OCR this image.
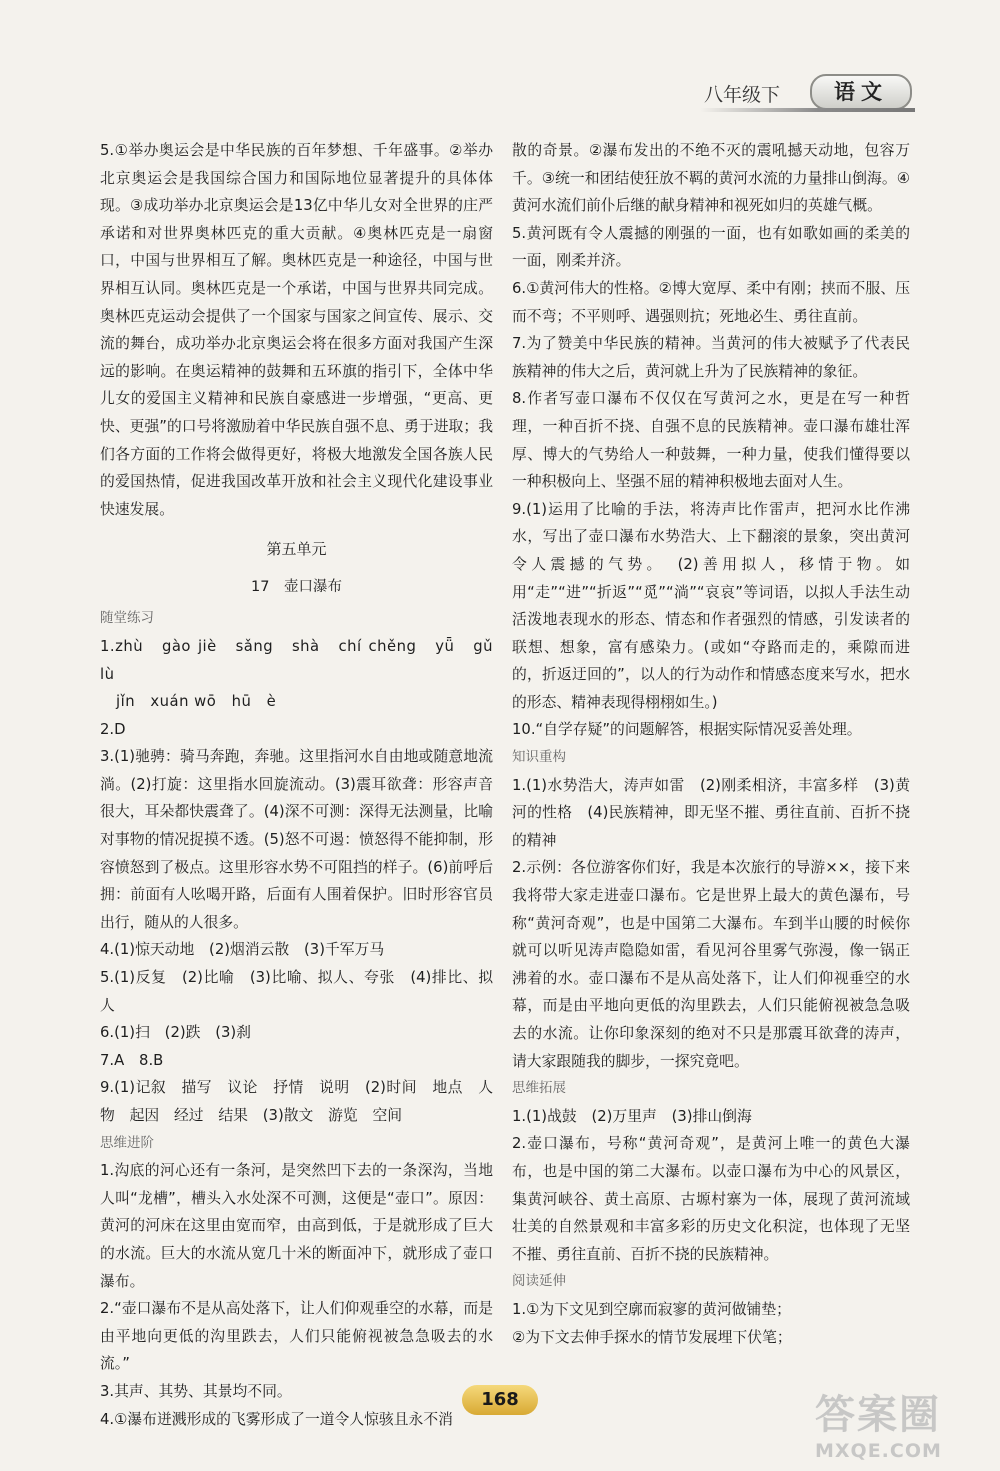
八年级下	语文

5.①举办奥运会是中华民族的百年梦想、千年盛事。②举办北京奥运会是我国综合国力和国际地位显著提升的具体体现。③成功举办北京奥运会是13亿中华儿女对全世界的庄严承诺和对世界奥林匹克的重大贡献。④奥林匹克是一扇窗口，中国与世界相互了解。奥林匹克是一种途径，中国与世界相互认同。奥林匹克是一个承诺，中国与世界共同完成。奥林匹克运动会提供了一个国家与国家之间宣传、展示、交流的舞台，成功举办北京奥运会将在很多方面对我国产生深远的影响。在奥运精神的鼓舞和五环旗的指引下，全体中华儿女的爱国主义精神和民族自豪感进一步增强，“更高、更快、更强”的口号将激励着中华民族自强不息、勇于进取；我们各方面的工作将会做得更好，将极大地激发全国各族人民的爱国热情，促进我国改革开放和社会主义现代化建设事业快速发展。

第五单元

17　壶口瀑布

随堂练习

1.zhù　gào jiè　sǎng　shà　chí chěng　yǖ　gǔ　lù

jǐn　xuán wō　hū　è

2.D

3.(1)驰骋：骑马奔跑，奔驰。这里指河水自由地或随意地流淌。(2)打旋：这里指水回旋流动。(3)震耳欲聋：形容声音很大，耳朵都快震聋了。(4)深不可测：深得无法测量，比喻对事物的情况捉摸不透。(5)怒不可遏：愤怒得不能抑制，形容愤怒到了极点。这里形容水势不可阻挡的样子。(6)前呼后拥：前面有人吆喝开路，后面有人围着保护。旧时形容官员出行，随从的人很多。

4.(1)惊天动地　(2)烟消云散　(3)千军万马

5.(1)反复　(2)比喻　(3)比喻、拟人、夸张　(4)排比、拟人

6.(1)扫　(2)跌　(3)刹

7.A　8.B

9.(1)记叙　描写　议论　抒情　说明　(2)时间　地点　人物　起因　经过　结果　(3)散文　游览　空间

思维进阶

1.沟底的河心还有一条河，是突然凹下去的一条深沟，当地人叫“龙槽”，槽头入水处深不可测，这便是“壶口”。原因：黄河的河床在这里由宽而窄，由高到低，于是就形成了巨大的水流。巨大的水流从宽几十米的断面冲下，就形成了壶口瀑布。

2.“壶口瀑布不是从高处落下，让人们仰观垂空的水幕，而是由平地向更低的沟里跌去，人们只能俯视被急急吸去的水流。”

3.其声、其势、其景均不同。

4.①瀑布迸溅形成的飞雾形成了一道令人惊骇且永不消

散的奇景。②瀑布发出的不绝不灭的震吼撼天动地，包容万千。③统一和团结使狂放不羁的黄河水流的力量排山倒海。④黄河水流们前仆后继的献身精神和视死如归的英雄气概。

5.黄河既有令人震撼的刚强的一面，也有如歌如画的柔美的一面，刚柔并济。

6.①黄河伟大的性格。②博大宽厚、柔中有刚；挟而不服、压而不弯；不平则呼、遇强则抗；死地必生、勇往直前。

7.为了赞美中华民族的精神。当黄河的伟大被赋予了代表民族精神的伟大之后，黄河就上升为了民族精神的象征。

8.作者写壶口瀑布不仅仅在写黄河之水，更是在写一种哲理，一种百折不挠、自强不息的民族精神。壶口瀑布雄壮浑厚、博大的气势给人一种鼓舞，一种力量，使我们懂得要以一种积极向上、坚强不屈的精神积极地去面对人生。

9.(1)运用了比喻的手法，将涛声比作雷声，把河水比作沸水，写出了壶口瀑布水势浩大、上下翻滚的景象，突出黄河令人震撼的气势。　(2)善用拟人，移情于物。如用“走”“进”“折返”“觅”“淌”“哀哀”等词语，以拟人手法生动活泼地表现水的形态、情态和作者强烈的情感，引发读者的联想、想象，富有感染力。(或如“夺路而走的，乘隙而进的，折返迂回的”，以人的行为动作和情感态度来写水，把水的形态、精神表现得栩栩如生。)

10.“自学存疑”的问题解答，根据实际情况妥善处理。

知识重构

1.(1)水势浩大，涛声如雷　(2)刚柔相济，丰富多样　(3)黄河的性格　(4)民族精神，即无坚不摧、勇往直前、百折不挠的精神

2.示例：各位游客你们好，我是本次旅行的导游××，接下来我将带大家走进壶口瀑布。它是世界上最大的黄色瀑布，号称“黄河奇观”，也是中国第二大瀑布。车到半山腰的时候你就可以听见涛声隐隐如雷，看见河谷里雾气弥漫，像一锅正沸着的水。壶口瀑布不是从高处落下，让人们仰视垂空的水幕，而是由平地向更低的沟里跌去，人们只能俯视被急急吸去的水流。让你印象深刻的绝对不只是那震耳欲聋的涛声，请大家跟随我的脚步，一探究竟吧。

思维拓展

1.(1)战鼓　(2)万里声　(3)排山倒海

2.壶口瀑布，号称“黄河奇观”，是黄河上唯一的黄色大瀑布，也是中国的第二大瀑布。以壶口瀑布为中心的风景区，集黄河峡谷、黄土高原、古塬村寨为一体，展现了黄河流域壮美的自然景观和丰富多彩的历史文化积淀，也体现了无坚不摧、勇往直前、百折不挠的民族精神。

阅读延伸

1.①为下文见到空廓而寂寥的黄河做铺垫；

②为下文去伸手探水的情节发展埋下伏笔；

168	答案圈
MXQE.COM
